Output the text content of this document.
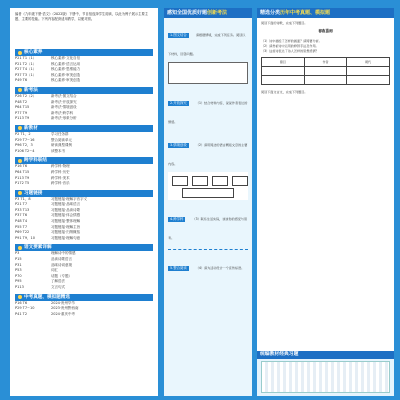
编者《九年级下册·语文》（2022版）下册中，节目组选择学生阅读，以此为例子展示主要主题、主要的技能。下列内容配套适用教学，以便对照。
核心素养
P21 T1（1）	核心素养·文化自信
P21 T2（1）	核心素养·语言运用
P27 T4（1）	核心素养·思维能力
P37 T3（1）	核心素养·审美创造
P49 T6	核心素养·审美创造
新考法
P26 T2（2）	新考法·图文结合
P48 T2	新考法·开放探究
P64 T15	新考法·情境创设
P77 T9	新考法·跨学科
P113 T9	新考法·形象分析
新教材
P2 T1，2	学习任务群
P29 T7~16	整合阅读单元
P96 T2，3	研读典型课例
P106 T2~4	读整本书
跨学科联结
P16 T6	跨学科·物理
P64 T15	跨学科·历史
P113 T9	跨学科·美术
P172 T5	跨学科·音乐
习题链接
P3 T1，8	习题链接·理解字音字义
P21 T7	习题链接·品味语言
P33 T13	习题链接·品读诗歌
P37 T6	习题链接·体会情感
P48 T4	习题链接·整体理解
P55 T7	习题链接·理解主旨
P69 T22	习题链接·归纳概括
P91 T9，10	习题链接·理解句意
语文要素详解
P3	理解诗中的情感
P15	品读诗歌语言
P31	品味诗词意境
P53	词汇
P70	话题（专题）
P95	了解语法
P113	文言句式
中考真题、模拟题精选
P16 T6	2024·贵州毕节
P29 T7~10	2023·贵州黔西南
P41 T2	2024·重庆中考
感知全国优质好题创新考法
1.图文结合	请根据情境，完成下列任务。阅读以下材料，回答问题。
2.开放探究	（1）结合材料内容，说说作者表达的情感。
3.情境创设	（2）请用简洁的语言概括文章的主要内容。
4.跨学科	（3）联系生活实际，谈谈你的感受与思考。
5.整合阅读	（4）请为活动设计一个宣传标语。
精选分类历年中考真题、模拟题
阅读下面的诗歌，完成下列题目。
春夜喜雨
（1）诗中描绘了怎样的画面？请简要分析。
（2）请赏析诗中运用的修辞手法及作用。
（3）这首诗表达了诗人怎样的思想感情？
篇目	作者	朝代
阅读下面文言文，完成下列题目。
统编教材经典习题
